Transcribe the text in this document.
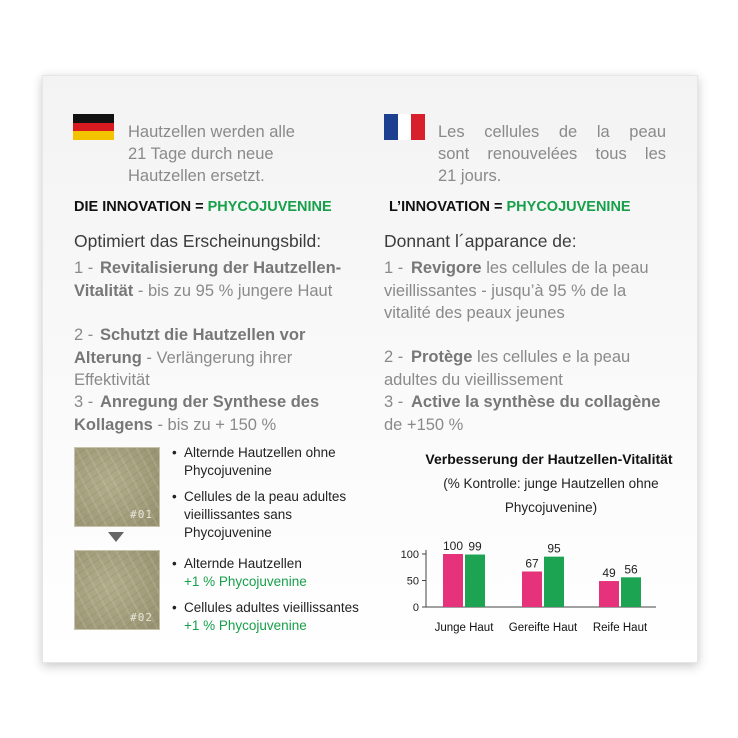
Hautzellen werden alle
21 Tage durch neue
Hautzellen ersetzt.
DIE INNOVATION = PHYCOJUVENINE
Optimiert das Erscheinungsbild:
1 - Revitalisierung der Hautzellen-Vitalität - bis zu 95 % jungere Haut
2 - Schutzt die Hautzellen vor Alterung - Verlängerung ihrer Effektivität
3 - Anregung der Synthese des Kollagens - bis zu + 150 %
Les cellules de la peau
sont renouvelées tous les
21 jours.
L’INNOVATION = PHYCOJUVENINE
Donnant l´apparance de:
1 - Revigore les cellules de la peau vieillissantes - jusqu’à 95 % de la vitalité des peaux jeunes
2 - Protège les cellules e la peau adultes du vieillissement
3 - Active la synthèse du collagène de +150 %
#01
#02
• Alternde Hautzellen ohne Phycojuvenine
• Cellules de la peau adultes vieillissantes sans Phycojuvenine
• Alternde Hautzellen
+1 % Phycojuvenine
• Cellules adultes vieillissantes
+1 % Phycojuvenine
Verbesserung der Hautzellen-Vitalität
(% Kontrolle: junge Hautzellen ohne Phycojuvenine)
0
50
100
100 99
Junge Haut
67
95
Gereifte Haut
49 56
Reife Haut
